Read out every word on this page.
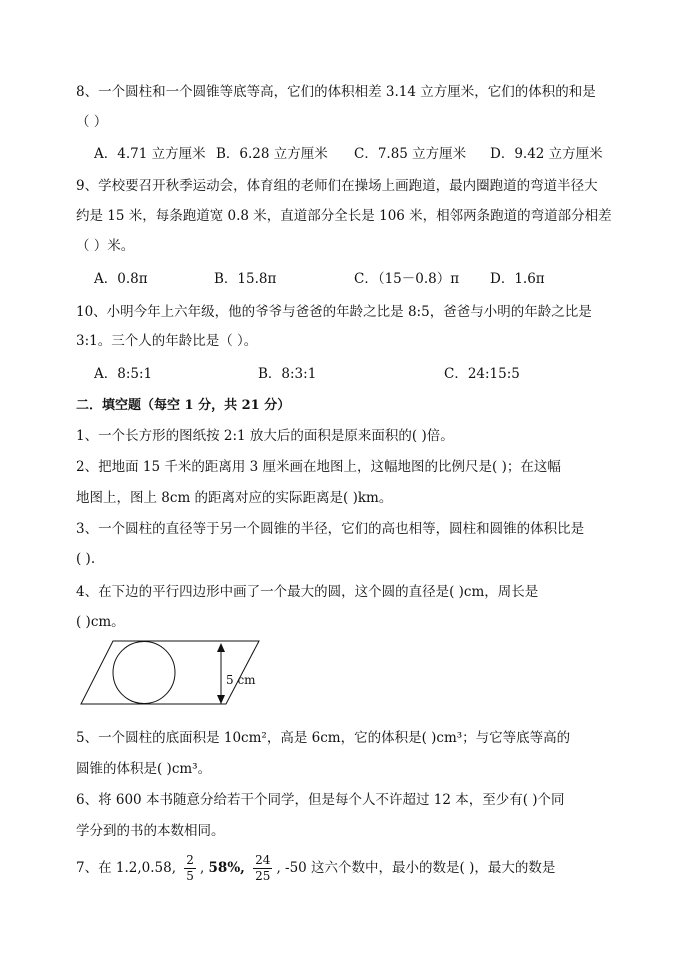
8、一个圆柱和一个圆锥等底等高，它们的体积相差 3.14 立方厘米，它们的体积的和是
（ ）
A．4.71 立方厘米 B．6.28 立方厘米 C．7.85 立方厘米 D．9.42 立方厘米
9、学校要召开秋季运动会，体育组的老师们在操场上画跑道，最内圈跑道的弯道半径大
约是 15 米，每条跑道宽 0.8 米，直道部分全长是 106 米，相邻两条跑道的弯道部分相差
（ ）米。
A．0.8π	B．15.8π	C．（15－0.8）π D．1.6π
10、小明今年上六年级，他的爷爷与爸爸的年龄之比是 8:5，爸爸与小明的年龄之比是
3:1。三个人的年龄比是（ ）。
A．8:5:1	B．8:3:1	C．24:15:5
二．填空题（每空 1 分，共 21 分）
1、一个长方形的图纸按 2:1 放大后的面积是原来面积的( )倍。
2、把地面 15 千米的距离用 3 厘米画在地图上，这幅地图的比例尺是( )；在这幅
地图上，图上 8cm 的距离对应的实际距离是( )km。
3、一个圆柱的直径等于另一个圆锥的半径，它们的高也相等，圆柱和圆锥的体积比是
( ).
4、在下边的平行四边形中画了一个最大的圆，这个圆的直径是( )cm，周长是
( )cm。
5 cm
5、一个圆柱的底面积是 10cm²，高是 6cm，它的体积是( )cm³；与它等底等高的
圆锥的体积是( )cm³。
6、将 600 本书随意分给若干个同学，但是每个人不许超过 12 本，至少有( )个同
学分到的书的本数相同。
7、在 1.2,0.58, $\frac{2}{5}$ , 58%, $\frac{24}{25}$ , -50 这六个数中，最小的数是( )，最大的数是
